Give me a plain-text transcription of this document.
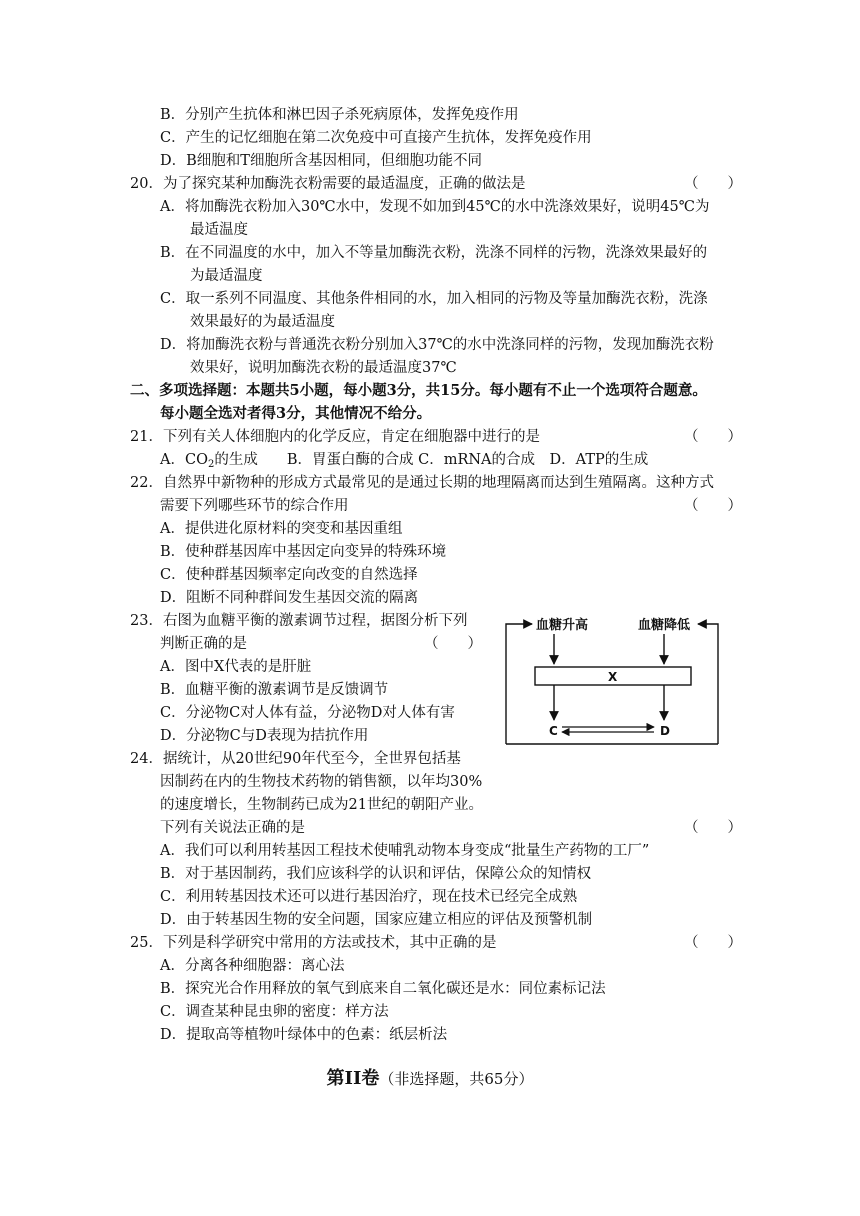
B．分别产生抗体和淋巴因子杀死病原体，发挥免疫作用
C．产生的记忆细胞在第二次免疫中可直接产生抗体，发挥免疫作用
D．B细胞和T细胞所含基因相同，但细胞功能不同
20．为了探究某种加酶洗衣粉需要的最适温度，正确的做法是	（　　）
A．将加酶洗衣粉加入30℃水中，发现不如加到45℃的水中洗涤效果好，说明45℃为
最适温度
B．在不同温度的水中，加入不等量加酶洗衣粉，洗涤不同样的污物，洗涤效果最好的
为最适温度
C．取一系列不同温度、其他条件相同的水，加入相同的污物及等量加酶洗衣粉，洗涤
效果最好的为最适温度
D．将加酶洗衣粉与普通洗衣粉分别加入37℃的水中洗涤同样的污物，发现加酶洗衣粉
效果好，说明加酶洗衣粉的最适温度37℃
二、多项选择题：本题共5小题，每小题3分，共15分。每小题有不止一个选项符合题意。
每小题全选对者得3分，其他情况不给分。
21．下列有关人体细胞内的化学反应，肯定在细胞器中进行的是	（　　）
A．$CO_2$的生成　　B．胃蛋白酶的合成 C．mRNA的合成　D．ATP的生成
22．自然界中新物种的形成方式最常见的是通过长期的地理隔离而达到生殖隔离。这种方式
需要下列哪些环节的综合作用	（　　）
A．提供进化原材料的突变和基因重组
B．使种群基因库中基因定向变异的特殊环境
C．使种群基因频率定向改变的自然选择
D．阻断不同种群间发生基因交流的隔离
23．右图为血糖平衡的激素调节过程，据图分析下列
判断正确的是	（　　）
A．图中X代表的是肝脏
B．血糖平衡的激素调节是反馈调节
C．分泌物C对人体有益，分泌物D对人体有害
D．分泌物C与D表现为拮抗作用
血糖升高	血糖降低
X
C	D
24．据统计，从20世纪90年代至今，全世界包括基
因制药在内的生物技术药物的销售额，以年均30%
的速度增长，生物制药已成为21世纪的朝阳产业。
下列有关说法正确的是	（　　）
A．我们可以利用转基因工程技术使哺乳动物本身变成“批量生产药物的工厂”
B．对于基因制药，我们应该科学的认识和评估，保障公众的知情权
C．利用转基因技术还可以进行基因治疗，现在技术已经完全成熟
D．由于转基因生物的安全问题，国家应建立相应的评估及预警机制
25．下列是科学研究中常用的方法或技术，其中正确的是	（　　）
A．分离各种细胞器：离心法
B．探究光合作用释放的氧气到底来自二氧化碳还是水：同位素标记法
C．调查某种昆虫卵的密度：样方法
D．提取高等植物叶绿体中的色素：纸层析法
第II卷（非选择题，共65分）
